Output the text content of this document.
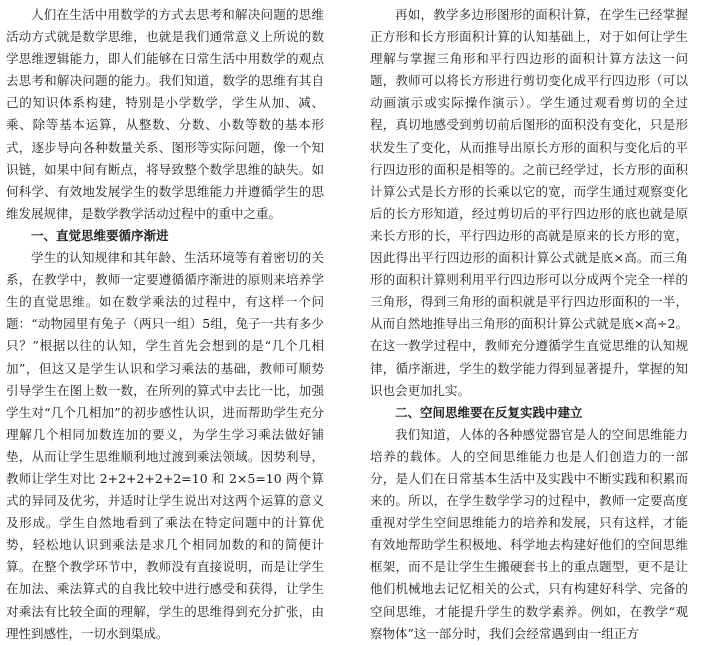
人们在生活中用数学的方式去思考和解决问题的思维活动方式就是数学思维，也就是我们通常意义上所说的数学思维逻辑能力，即人们能够在日常生活中用数学的观点去思考和解决问题的能力。我们知道，数学的思维有其自己的知识体系构建，特别是小学数学，学生从加、减、乘、除等基本运算，从整数、分数、小数等数的基本形式，逐步导向各种数量关系、图形等实际问题，像一个知识链，如果中间有断点，将导致整个数学思维的缺失。如何科学、有效地发展学生的数学思维能力并遵循学生的思维发展规律，是数学教学活动过程中的重中之重。

一、直觉思维要循序渐进

学生的认知规律和其年龄、生活环境等有着密切的关系，在教学中，教师一定要遵循循序渐进的原则来培养学生的直觉思维。如在数学乘法的过程中，有这样一个问题：“动物园里有兔子（两只一组）5组，兔子一共有多少只？”根据以往的认知，学生首先会想到的是“几个几相加”，但这又是学生认识和学习乘法的基础，教师可顺势引导学生在图上数一数，在所列的算式中去比一比，加强学生对“几个几相加”的初步感性认识，进而帮助学生充分理解几个相同加数连加的要义，为学生学习乘法做好铺垫，从而让学生思维顺利地过渡到乘法领域。因势利导，教师让学生对比 2+2+2+2+2=10 和 2×5=10 两个算式的异同及优劣，并适时让学生说出对这两个运算的意义及形成。学生自然地看到了乘法在特定问题中的计算优势，轻松地认识到乘法是求几个相同加数的和的简便计算。在整个教学环节中，教师没有直接说明，而是让学生在加法、乘法算式的自我比较中进行感受和获得，让学生对乘法有比较全面的理解，学生的思维得到充分扩张，由理性到感性，一切水到渠成。

再如，教学多边形图形的面积计算，在学生已经掌握正方形和长方形面积计算的认知基础上，对于如何让学生理解与掌握三角形和平行四边形的面积计算方法这一问题，教师可以将长方形进行剪切变化成平行四边形（可以动画演示或实际操作演示）。学生通过观看剪切的全过程，真切地感受到剪切前后图形的面积没有变化，只是形状发生了变化，从而推导出原长方形的面积与变化后的平行四边形的面积是相等的。之前已经学过，长方形的面积计算公式是长方形的长乘以它的宽，而学生通过观察变化后的长方形知道，经过剪切后的平行四边形的底也就是原来长方形的长，平行四边形的高就是原来的长方形的宽，因此得出平行四边形的面积计算公式就是底×高。而三角形的面积计算则利用平行四边形可以分成两个完全一样的三角形，得到三角形的面积就是平行四边形面积的一半，从而自然地推导出三角形的面积计算公式就是底×高÷2。在这一教学过程中，教师充分遵循学生直觉思维的认知规律，循序渐进，学生的数学能力得到显著提升，掌握的知识也会更加扎实。

二、空间思维要在反复实践中建立

我们知道，人体的各种感觉器官是人的空间思维能力培养的载体。人的空间思维能力也是人们创造力的一部分，是人们在日常基本生活中及实践中不断实践和积累而来的。所以，在学生数学学习的过程中，教师一定要高度重视对学生空间思维能力的培养和发展，只有这样，才能有效地帮助学生积极地、科学地去构建好他们的空间思维框架，而不是让学生生搬硬套书上的重点题型，更不是让他们机械地去记忆相关的公式，只有构建好科学、完备的空间思维，才能提升学生的数学素养。例如，在教学“观察物体”这一部分时，我们会经常遇到由一组正方
